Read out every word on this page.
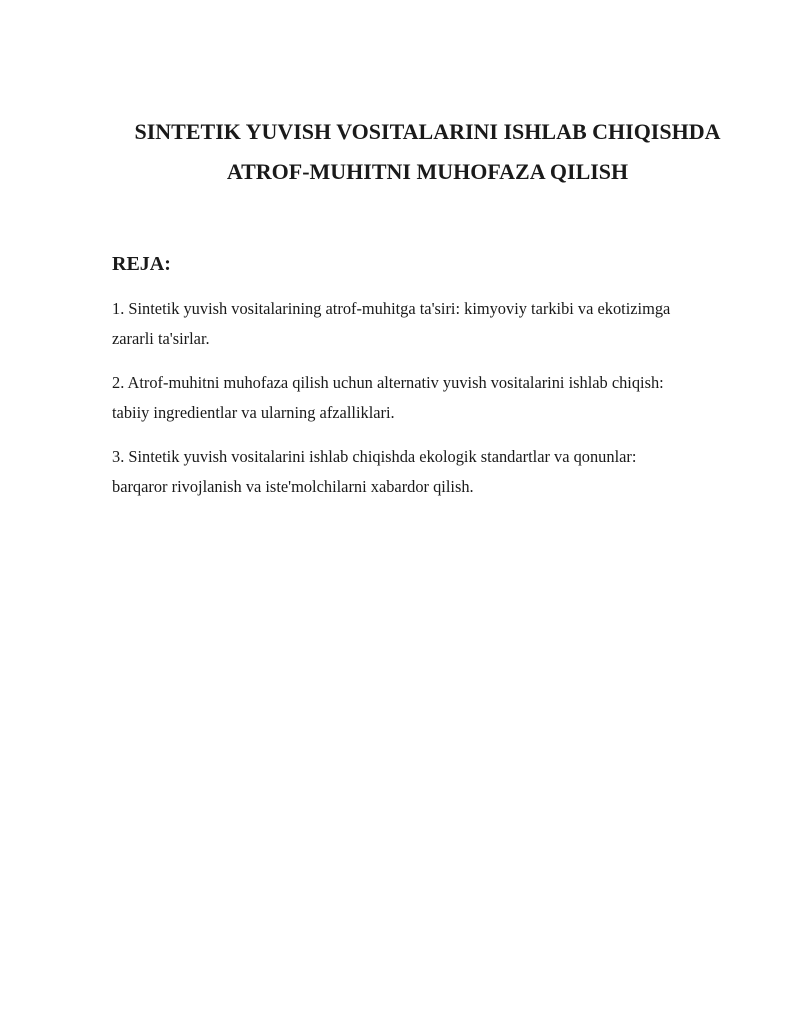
SINTETIK YUVISH VOSITALARINI ISHLAB CHIQISHDA
ATROF-MUHITNI MUHOFAZA QILISH
REJA:
1. Sintetik yuvish vositalarining atrof-muhitga ta'siri: kimyoviy tarkibi va ekotizimga
zararli ta'sirlar.
2. Atrof-muhitni muhofaza qilish uchun alternativ yuvish vositalarini ishlab chiqish:
tabiiy ingredientlar va ularning afzalliklari.
3. Sintetik yuvish vositalarini ishlab chiqishda ekologik standartlar va qonunlar:
barqaror rivojlanish va iste'molchilarni xabardor qilish.
